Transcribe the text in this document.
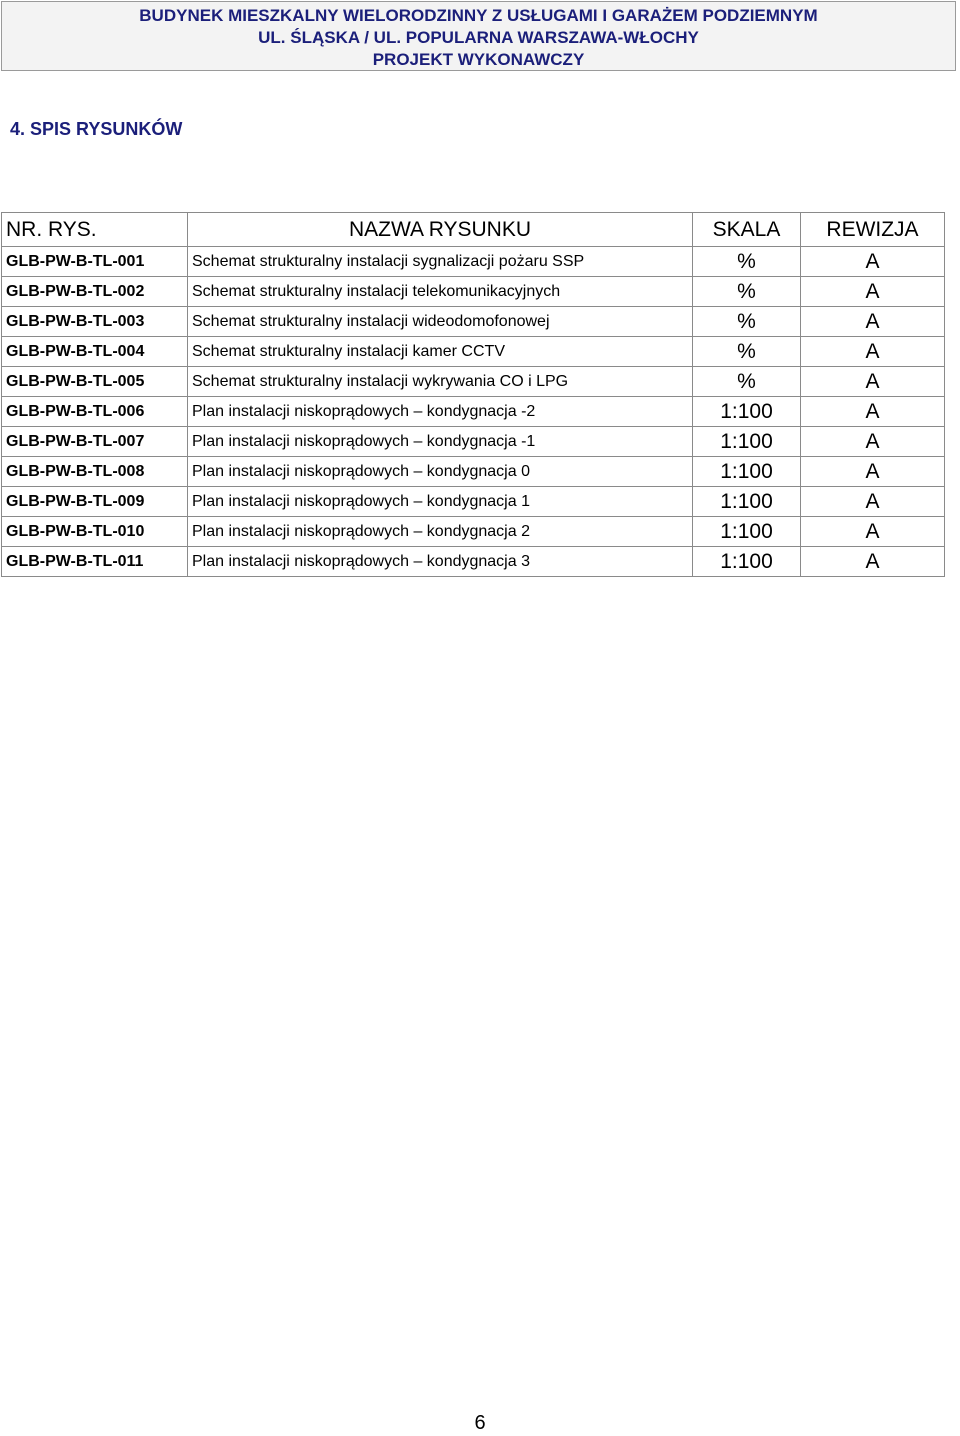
BUDYNEK MIESZKALNY WIELORODZINNY Z USŁUGAMI I GARAŻEM PODZIEMNYM
UL. ŚLĄSKA / UL. POPULARNA WARSZAWA-WŁOCHY
PROJEKT WYKONAWCZY
4. SPIS RYSUNKÓW
NR. RYS.	NAZWA RYSUNKU	SKALA	REWIZJA
GLB-PW-B-TL-001	Schemat strukturalny instalacji sygnalizacji pożaru SSP	%	A
GLB-PW-B-TL-002	Schemat strukturalny instalacji telekomunikacyjnych	%	A
GLB-PW-B-TL-003	Schemat strukturalny instalacji wideodomofonowej	%	A
GLB-PW-B-TL-004	Schemat strukturalny instalacji kamer CCTV	%	A
GLB-PW-B-TL-005	Schemat strukturalny instalacji wykrywania CO i LPG	%	A
GLB-PW-B-TL-006	Plan instalacji niskoprądowych – kondygnacja -2	1:100	A
GLB-PW-B-TL-007	Plan instalacji niskoprądowych – kondygnacja -1	1:100	A
GLB-PW-B-TL-008	Plan instalacji niskoprądowych – kondygnacja 0	1:100	A
GLB-PW-B-TL-009	Plan instalacji niskoprądowych – kondygnacja 1	1:100	A
GLB-PW-B-TL-010	Plan instalacji niskoprądowych – kondygnacja 2	1:100	A
GLB-PW-B-TL-011	Plan instalacji niskoprądowych – kondygnacja 3	1:100	A
6
